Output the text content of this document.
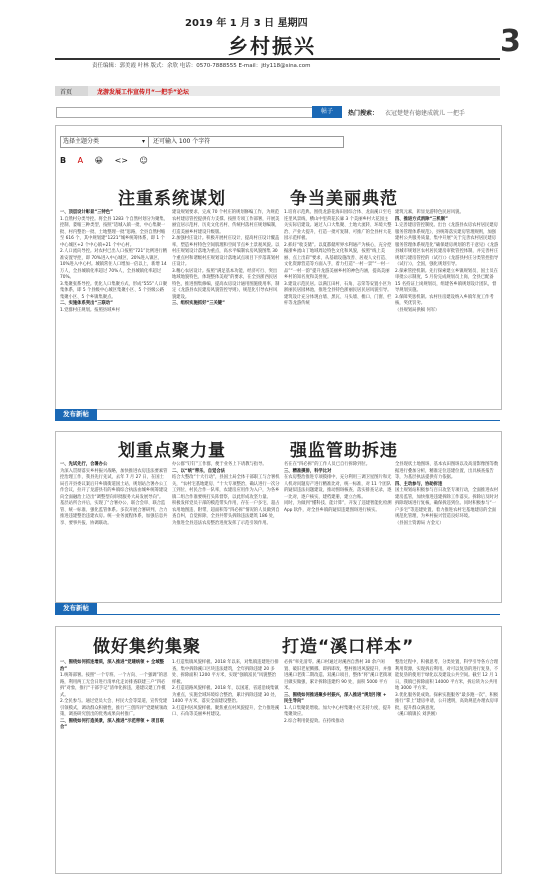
2019 年 1 月 3 日 星期四
乡村振兴	3
责任编辑：郭美霞 叶林 版式：余欣 电话：0570-7888555 E-mail：jtly118@sina.com
首页	龙游发展工作宣传月“一把手”论坛
帖子	热门搜索： 衣冠楚楚有德建成就儿 一把手
选择主题分类	▾	还可输入 100 个字符
B A 😀 <> ☺
注重系统谋划	争当美丽典范
一、顶层设计彰显“三特色”
1.自然村分类导控。将全县 1283 个自然村划分为聚集、控制、萎缩三种类型，按照“适城入镇一批、中心集聚一批、村内整治一批、土地整理一批”思路，全县自然村缩至 616 个，其中规划建“1221”城乡统筹体系，即 1 个中心城区+2 个中心镇+21 个中心村。
2.人口流向导控。对农村已出人口按照“721”比例进行精准安置导控，即 70%进入中心城区、20%进入镇区、10%进入中心村。城镇常住人口增加一倍以上，新增 14 万人，全县城镇化率超过 70%人，全县城镇化率超过 70%。
3.集聚张系导控。优化人口集聚方式，形成“555”人口聚集体系，即 5 个县级中心城区集聚小区、5 个县级公路集聚小区、5 个乡镇集聚点。
二、实施体系突出“三联动”
1.党群村庄规划。按照县域乡村
建设规划要求，完成 70 个村庄的规划修编工作，为规范农村建房管控提供有力支撑。按照专项工作部署，开展美丽宜居示范村、历史文化名村、传统村落村庄规划编制，打造美丽乡村建设升级版。
2.加强村庄设计。积极开展村庄设计，提高村庄设计覆盖率，塑造乡村特色空间肌理和空间节点乡土景观风貌。以村庄规划设计落地为重点，高水平编制农房风貌图集 30 个重点村和诸级村庄规划设计落地试点项目下步落谋划村庄设计。
3.精心农居设计。按照“满足基本功能、经济可行、突出地域地貌特色、体现整体美观”的要求，在全县浙西民居特色，推进图集修编，提高农房设计通用图施使用率，制定《龙游县农民建房风貌管控导则》，规范化引导农村风貌建设。
三、组织实施抓好“三关键”
1.培育示范典。围绕龙游花海田园综合体、龙南溪口至毛连里风景线、横山中里荷花长廊 3 个美丽乡村大花园主关实际启建设。通过人口大集聚、土地大流转、环境大整治、产业大提升，打造一批可复制、可推广的全县村大花园示范样板。
2.抓好“收支储”。以夏都储所界水利通产为核心，充分挖掘浙乡流山丁地域周边特色文化和风貌，按照“线上美丽、点上出彩”要求，从基础设施改善、居观人文打造、文化资源营造等方面入手，着力打造“一村一景”“一村一品”“一村一韵”提升龙游美丽乡村的神色内涵，提高美丽乡村的知名度和美誉度。
3.建设示范民居。以满江田村、石角、志荣等安置小区为浙丽民居园林池，推进全县特色浙丽民居民居风貌引导。建筑设计充分体现白墙、黑瓦、马头墙、檐口、门窗、栏杆等龙游传统
建筑元素，彰显龙游特色民居风貌。
四、推进方式消除“三机制”
1.完善建房管控制度。出台《龙游县农房农村居民建房服务管理体系规范》，县统筹落实建房管理规则，加强建村公共服务质量，集中开展“关于完善农村居民建房服务管理体系规范化”确保建房规划的若干意见》《龙游县城市规划区农村居民建房审批管控体制，并完善村庄规划与建房管控的（试行）》《龙游县村庄分类管控指导（试行）》，全国，强化规划引导。
2.探索管控机制。先行探索建立乡镇规划员、国土员在审批公示制度，5 月份完成规划员上岗，全县已配备 15 名持证上岗规划员，组建各乡镇规划设计团队，督导规划实施。
3.保障奖惩机制。农村住房建设纳入乡镇年度工作考核，奖优罚劣。
（县规划局供稿 何军）
发布新帖
划重点聚力量	强监管助拆违
一、先试先行，合署办公
为深入贯彻落实乡村振兴战略，加快推进农房违法要素管控治理工作，我县先行先试，去年 7 月 27 日，在国土局召开县委议案后开乡镇街道国土站、规划站合署办公工作会议，拉开了龙游县有的乡镇综合执法由城乡统筹建设向全面融治上迈出“调整型向审批服务大局发展导向”。
基层站所合并后，实现了“合署办公、联合会审、联合监管、统一标准、强化监管体系。多次开展合署研判，合力推进违建整治违建农房。统一业务流程体系，加强信息共享、要事共报、协调联动。
办公群“钉钉”工作群，便于业务上下请教与指导。
二、以“统”带乐，自觉合法
结合大整改“十大行动”，县国土局全体干部职工与合署机关，“农村宅基地建房、“十大专项整治，确认进行一次分工到位、村民合作一队率，农建房应用作为入户，为各乡镇二组合作准要统打头阵督察，以此形成攻坚力量。
积极发挥党员干部的模范带头作用，存在一户多宅、超占农用地图违、附带，超面积等“四必拆”情况的人员做到自查自纠，自觉拆除，全县共带头拆除违法建筑 186 处，为推进全县违法农房整治进度发挥了示范引领作用。
名在在“四必拆”的工作人员已自行拆除到位。
三、精准摸排，科学比对
在农房整治推进专项摸排中，充分利用三调卫星图片和无人机对问题房产进行精准比对，统一标准，对 11 个团队的疑似违法问题建设，推动图斑核查、落实排查记录，逐一比对，逐户核实，建档建册，建立台账。
同时，为做到“懂科技、能计算”，开发了违建智能化检测App 软件，对全县乡镇的疑似违建图斑进行核实。
全县现状土地图斑、基本农田图斑以及高清影像图等数据进行叠加分析，精准定位违建位置，出具核查报告等，为基层执法提供有力依据。
四、主动参与，协助拆违
国土规划站积极参与百日攻坚专项行动，全面推进农村建房监管，加快推进违建拆除工作落实。拆除后及时对拆除现场进行复核，确保拆违到位。同时积极参与“一户多宅”等违建处置，着力推进农村宅基地建房的全面规范化管理，为乡村振兴营造良好环境。
（县国土资源局 方金元）
发布新帖
做好集约集聚	打造“溪口样本”
一、围绕如何抓连增质，深入推进“党建统领 + 全域整治”
1.统筹部署。按照“一个专班、一个方向、一个强调”的思路，利用两工无会日进行清单化走访排查联建三户“四必拆”对象，推行“干部手记”清单化拆违，递建议建工作模式。
2.全民参与。通过党员大会、村民大会等渠道，宣传党建引领模式，调动群众积极性，推行“三创四评”党建统领政策，调查研究创出的优秀成果向村推广。
二、围绕如何打造美景，深入推进“示范带领 + 项目联合”
1.打造集镇风貌样板。2018 年以来，对集镇违建进行排查，集中拆除溪口区块违法建筑，全年拆除违建 20 多处、拆除面积 1200 平方米，实现“强镇富民”风貌整治样板。
2.打造道路风貌样板。2018 年，以国道、省道沿线集镇为重点，实施全域环境综合整治，累计拆除违建 30 处，1400 平方米，落实全面建设整治。
3.打造村居风貌样板。聚焦重点村风貌提升，全力推进溪口、石角等美丽乡村建设。
必拆”率先清零。溪口村通过对溪西自然村 30 余户闲置、破旧老屋腾挪，即拆即改，整村推进风貌提升，并推进溪口老街二期改造。双溪口项目，整体“将”溪口老街项目做实做强，累计拆除违建约 90 处，面积 5000 平方米。
三、围绕如何推进聚乡村振兴，深入推进“规划引领 + 民生导向”
1.人口集聚促增收。加大中心村集聚小区支持力度，提升集聚效应。
2.综合利用促提效。在持续推动
整治过程中，积极思考，分类处置，科学引导各方合理利用资源，实现拆后利用，对可以复垦的进行复垦，不能复垦的使用于绿化以及建设公共空间。截至 12 月 1 日，我镇已拆除面积 14000 平方米，拆后转为公共用地 3000 平方米。
3.优化服务促成效。探索实施服务“最多跑一次”，积极推行“掌上”建房申请，公开透明，高效规范办理农房审批，提升群众满意度。
（溪口镇镇长 刘洪刚）
